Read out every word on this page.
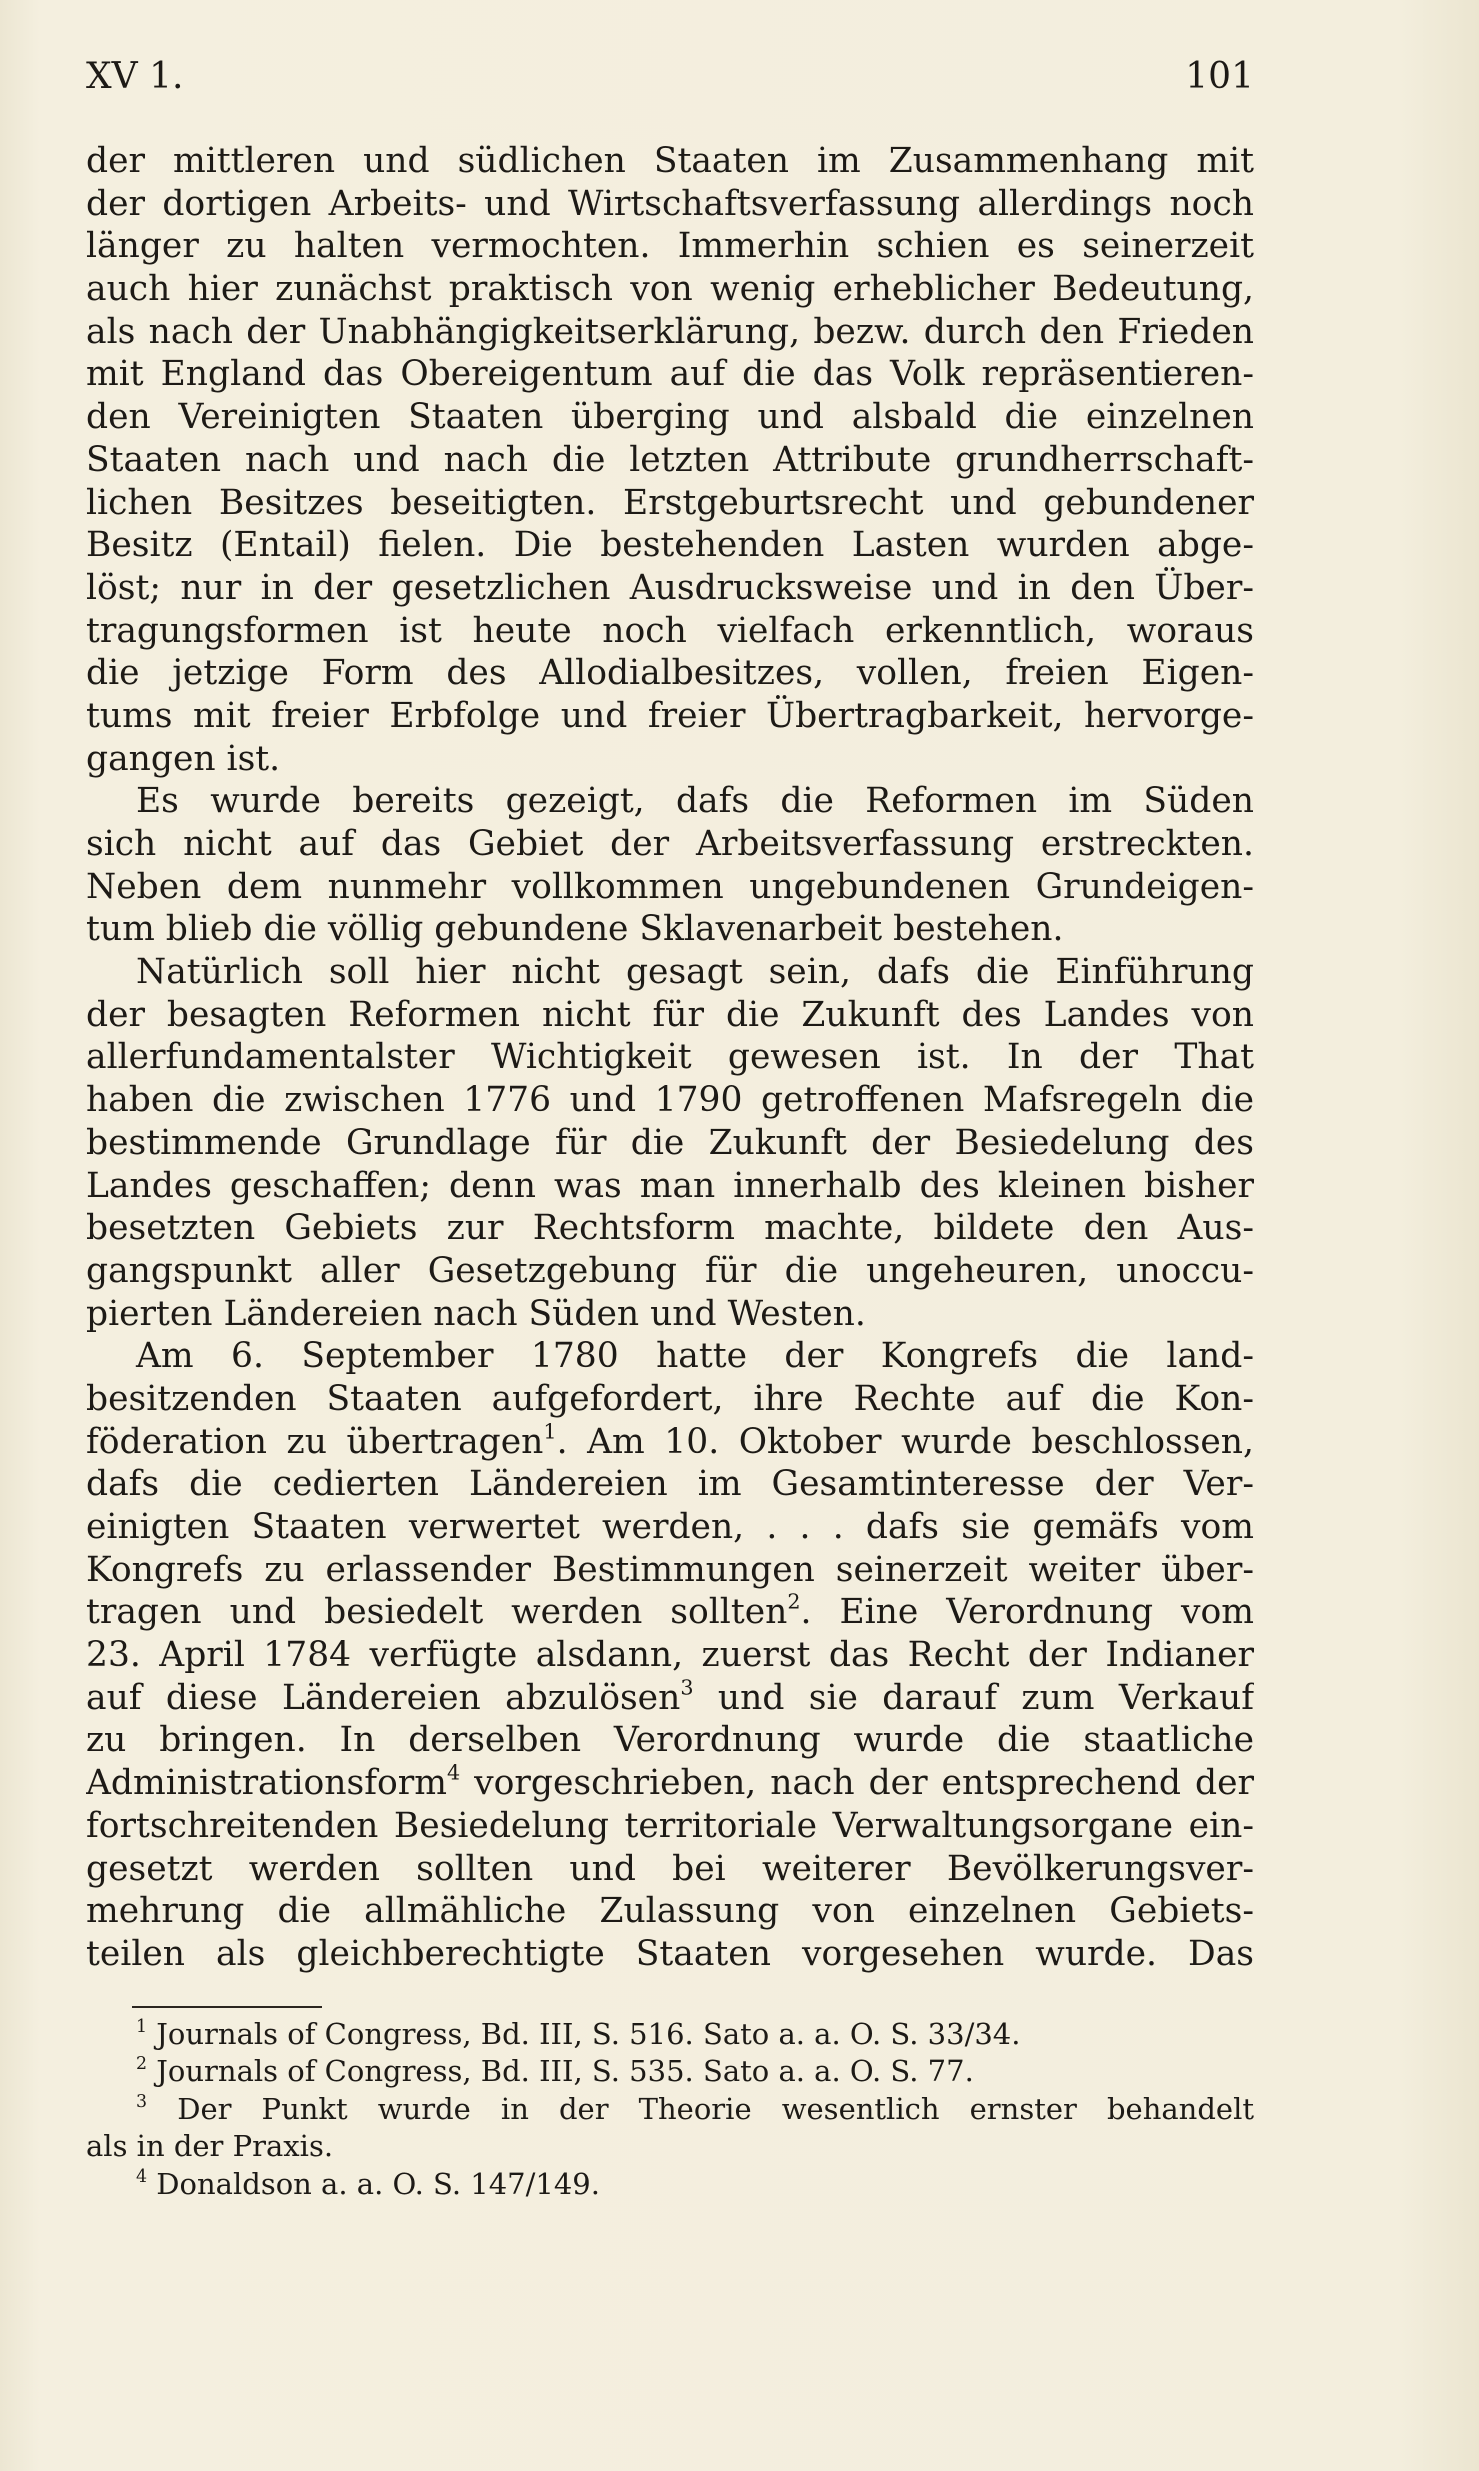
XV 1.	101
der mittleren und südlichen Staaten im Zusammenhang mit
der dortigen Arbeits- und Wirtschaftsverfassung allerdings noch
länger zu halten vermochten. Immerhin schien es seinerzeit
auch hier zunächst praktisch von wenig erheblicher Bedeutung,
als nach der Unabhängigkeitserklärung, bezw. durch den Frieden
mit England das Obereigentum auf die das Volk repräsentieren-
den Vereinigten Staaten überging und alsbald die einzelnen
Staaten nach und nach die letzten Attribute grundherrschaft-
lichen Besitzes beseitigten. Erstgeburtsrecht und gebundener
Besitz (Entail) fielen. Die bestehenden Lasten wurden abge-
löst; nur in der gesetzlichen Ausdrucksweise und in den Über-
tragungsformen ist heute noch vielfach erkenntlich, woraus
die jetzige Form des Allodialbesitzes, vollen, freien Eigen-
tums mit freier Erbfolge und freier Übertragbarkeit, hervorge-
gangen ist.
Es wurde bereits gezeigt, dafs die Reformen im Süden
sich nicht auf das Gebiet der Arbeitsverfassung erstreckten.
Neben dem nunmehr vollkommen ungebundenen Grundeigen-
tum blieb die völlig gebundene Sklavenarbeit bestehen.
Natürlich soll hier nicht gesagt sein, dafs die Einführung
der besagten Reformen nicht für die Zukunft des Landes von
allerfundamentalster Wichtigkeit gewesen ist. In der That
haben die zwischen 1776 und 1790 getroffenen Mafsregeln die
bestimmende Grundlage für die Zukunft der Besiedelung des
Landes geschaffen; denn was man innerhalb des kleinen bisher
besetzten Gebiets zur Rechtsform machte, bildete den Aus-
gangspunkt aller Gesetzgebung für die ungeheuren, unoccu-
pierten Ländereien nach Süden und Westen.
Am 6. September 1780 hatte der Kongrefs die land-
besitzenden Staaten aufgefordert, ihre Rechte auf die Kon-
föderation zu übertragen$^1$. Am 10. Oktober wurde beschlossen,
dafs die cedierten Ländereien im Gesamtinteresse der Ver-
einigten Staaten verwertet werden, . . . dafs sie gemäfs vom
Kongrefs zu erlassender Bestimmungen seinerzeit weiter über-
tragen und besiedelt werden sollten$^2$. Eine Verordnung vom
23. April 1784 verfügte alsdann, zuerst das Recht der Indianer
auf diese Ländereien abzulösen$^3$ und sie darauf zum Verkauf
zu bringen. In derselben Verordnung wurde die staatliche
Administrationsform$^4$ vorgeschrieben, nach der entsprechend der
fortschreitenden Besiedelung territoriale Verwaltungsorgane ein-
gesetzt werden sollten und bei weiterer Bevölkerungsver-
mehrung die allmähliche Zulassung von einzelnen Gebiets-
teilen als gleichberechtigte Staaten vorgesehen wurde. Das
$^1$ Journals of Congress, Bd. III, S. 516. Sato a. a. O. S. 33/34.
$^2$ Journals of Congress, Bd. III, S. 535. Sato a. a. O. S. 77.
$^3$ Der Punkt wurde in der Theorie wesentlich ernster behandelt
als in der Praxis.
$^4$ Donaldson a. a. O. S. 147/149.
